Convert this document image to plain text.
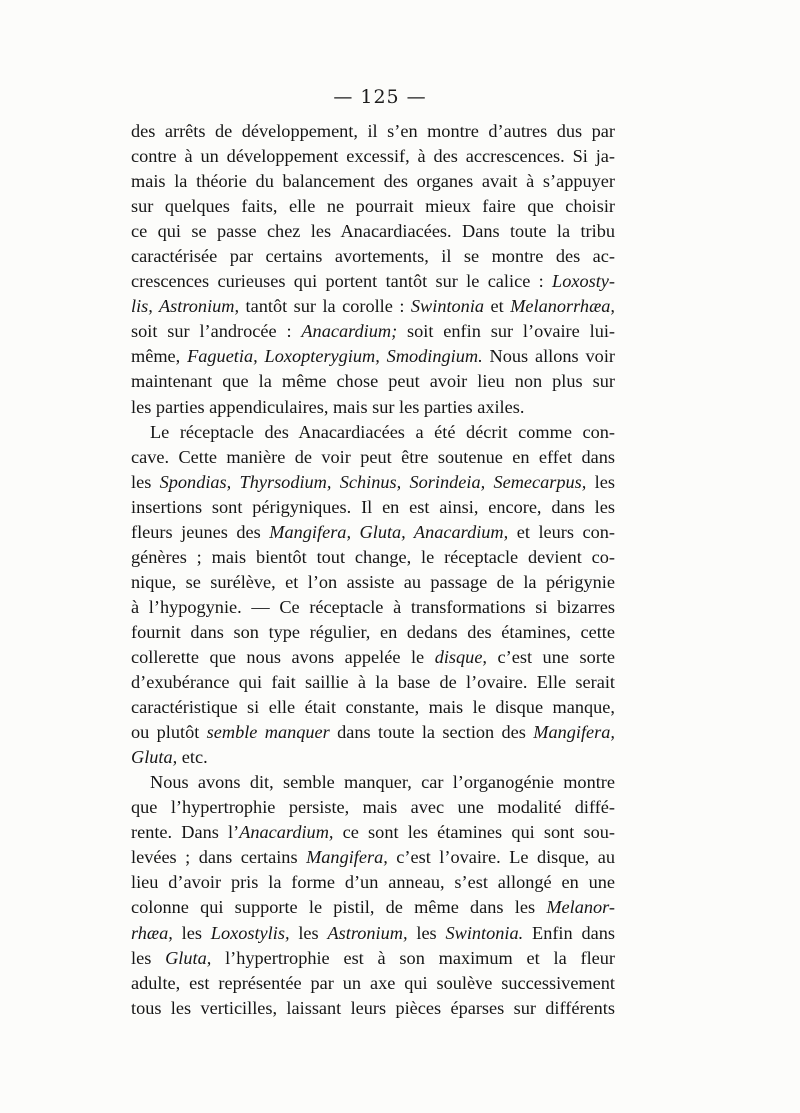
— 125 —
des arrêts de développement, il s’en montre d’autres dus par
contre à un développement excessif, à des accrescences. Si ja-
mais la théorie du balancement des organes avait à s’appuyer
sur quelques faits, elle ne pourrait mieux faire que choisir
ce qui se passe chez les Anacardiacées. Dans toute la tribu
caractérisée par certains avortements, il se montre des ac-
crescences curieuses qui portent tantôt sur le calice : Loxosty-
lis, Astronium, tantôt sur la corolle : Swintonia et Melanorrhæa,
soit sur l’androcée : Anacardium; soit enfin sur l’ovaire lui-
même, Faguetia, Loxopterygium, Smodingium. Nous allons voir
maintenant que la même chose peut avoir lieu non plus sur
les parties appendiculaires, mais sur les parties axiles.
Le réceptacle des Anacardiacées a été décrit comme con-
cave. Cette manière de voir peut être soutenue en effet dans
les Spondias, Thyrsodium, Schinus, Sorindeia, Semecarpus, les
insertions sont périgyniques. Il en est ainsi, encore, dans les
fleurs jeunes des Mangifera, Gluta, Anacardium, et leurs con-
génères ; mais bientôt tout change, le réceptacle devient co-
nique, se surélève, et l’on assiste au passage de la périgynie
à l’hypogynie. — Ce réceptacle à transformations si bizarres
fournit dans son type régulier, en dedans des étamines, cette
collerette que nous avons appelée le disque, c’est une sorte
d’exubérance qui fait saillie à la base de l’ovaire. Elle serait
caractéristique si elle était constante, mais le disque manque,
ou plutôt semble manquer dans toute la section des Mangifera,
Gluta, etc.
Nous avons dit, semble manquer, car l’organogénie montre
que l’hypertrophie persiste, mais avec une modalité diffé-
rente. Dans l’Anacardium, ce sont les étamines qui sont sou-
levées ; dans certains Mangifera, c’est l’ovaire. Le disque, au
lieu d’avoir pris la forme d’un anneau, s’est allongé en une
colonne qui supporte le pistil, de même dans les Melanor-
rhæa, les Loxostylis, les Astronium, les Swintonia. Enfin dans
les Gluta, l’hypertrophie est à son maximum et la fleur
adulte, est représentée par un axe qui soulève successivement
tous les verticilles, laissant leurs pièces éparses sur différents
